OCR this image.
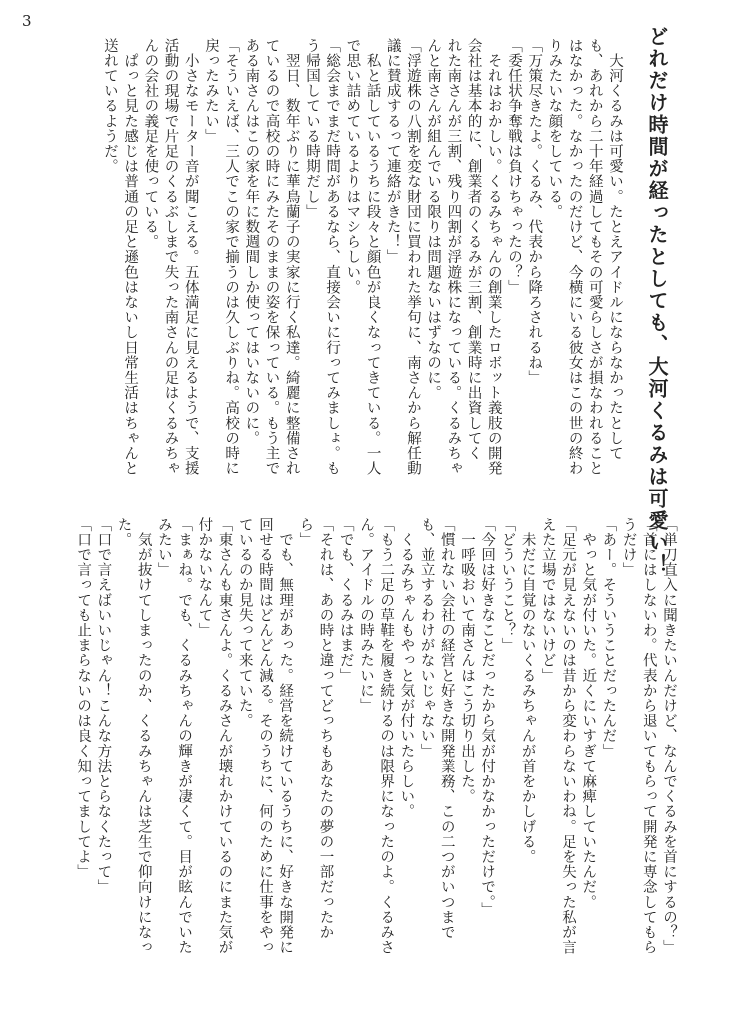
3
どれだけ時間が経ったとしても、大河くるみは可愛い！
　大河くるみは可愛い。たとえアイドルにならなかったとして
も、あれから二十年経過してもその可愛らしさが損なわれること
はなかった。なかったのだけど、今横にいる彼女はこの世の終わ
りみたいな顔をしている。
「万策尽きたよ。くるみ、代表から降ろされるね」
「委任状争奪戦は負けちゃったの？」
　それはおかしい。くるみちゃんの創業したロボット義肢の開発
会社は基本的に、創業者のくるみが三割、創業時に出資してく
れた南さんが三割、残り四割が浮遊株になっている。くるみちゃ
んと南さんが組んでいる限りは問題ないはずなのに。
「浮遊株の八割を変な財団に買われた挙句に、南さんから解任動
議に賛成するって連絡がきた！」
　私と話しているうちに段々と顔色が良くなってきている。一人
で思い詰めているよりはマシらしい。
「総会までまだ時間があるなら、直接会いに行ってみましょ。も
う帰国している時期だし」
　翌日、数年ぶりに華鳥蘭子の実家に行く私達。綺麗に整備され
ているので高校の時にみたそのままの姿を保っている。もう主で
ある南さんはこの家を年に数週間しか使ってはいないのに。
「そういえば、三人でこの家で揃うのは久しぶりね。高校の時に
戻ったみたい」
　小さなモーター音が聞こえる。五体満足に見えるようで、支援
活動の現場で片足のくるぶしまで失った南さんの足はくるみちゃ
んの会社の義足を使っている。
　ぱっと見た感じは普通の足と遜色はないし日常生活はちゃんと
送れているようだ。
「単刀直入に聞きたいんだけど、なんでくるみを首にするの？」
「首にはしないわ。代表から退いてもらって開発に専念してもら
うだけ」
「あー。そういうことだったんだ」
　やっと気が付いた。近くにいすぎて麻痺していたんだ。
「足元が見えないのは昔から変わらないわね。足を失った私が言
えた立場ではないけど」
　未だに自覚のないくるみちゃんが首をかしげる。
「どういうこと？」
「今回は好きなことだったから気が付かなかっただけで。」
　一呼吸おいて南さんはこう切り出した。
「慣れない会社の経営と好きな開発業務、この二つがいつまで
も、並立するわけがないじゃない」
　くるみちゃんもやっと気が付いたらしい。
「もう二足の草鞋を履き続けるのは限界になったのよ。くるみさ
ん。アイドルの時みたいに」
「でも、くるみはまだ」
「それは、あの時と違ってどっちもあなたの夢の一部だったか
ら」
　でも、無理があった。経営を続けているうちに、好きな開発に
回せる時間はどんどん減る。そのうちに、何のために仕事をやっ
ているのか見失って来ていた。
「東さんも東さんよ。くるみさんが壊れかけているのにまた気が
付かないなんて」
「まぁね。でも、くるみちゃんの輝きが凄くて。目が眩んでいた
みたい」
　気が抜けてしまったのか、くるみちゃんは芝生で仰向けになっ
た。
「口で言えばいいじゃん！こんな方法とらなくたって」
「口で言っても止まらないのは良く知ってましてよ」
